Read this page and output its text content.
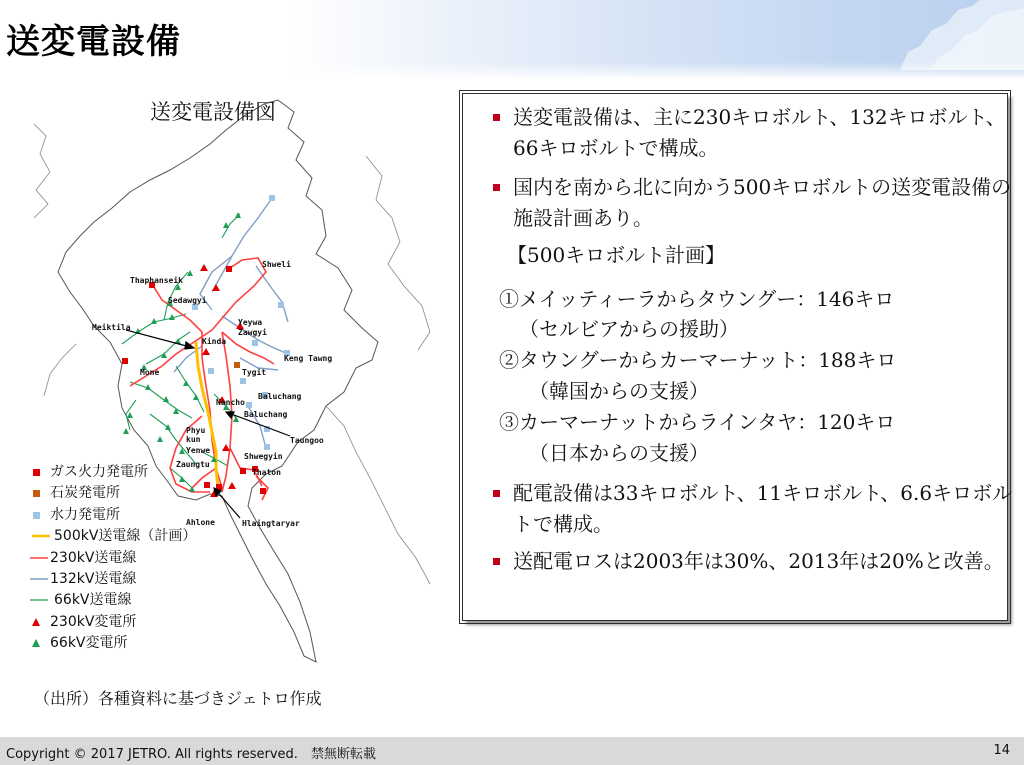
送変電設備
送変電設備図
Thaphanseik
Sedawgyi
Shweli
Meiktila
Yeywa
Zawgyi
Kinda
Keng Tawng
Mone	Tygit
Baluchang
Nancho
Baluchang
Phyu
kun	Taungoo
Yenwe
Shwegyin
Zaungtu
Thaton
Ahlone	Hlaingtaryar
ガス火力発電所
石炭発電所
水力発電所
500kV送電線（計画）
230kV送電線
132kV送電線
66kV送電線
230kV変電所
66kV変電所
（出所）各種資料に基づきジェトロ作成
送変電設備は、主に230キロボルト、132キロボルト、66キロボルトで構成。
国内を南から北に向かう500キロボルトの送変電設備の施設計画あり。
【500キロボルト計画】
①メイッティーラからタウングー：146キロ
（セルビアからの援助）
②タウングーからカーマーナット：188キロ
（韓国からの支援）
③カーマーナットからラインタヤ：120キロ
（日本からの支援）
配電設備は33キロボルト、11キロボルト、6.6キロボルトで構成。
送配電ロスは2003年は30%、2013年は20%と改善。
Copyright © 2017 JETRO. All rights reserved.　禁無断転載	14
